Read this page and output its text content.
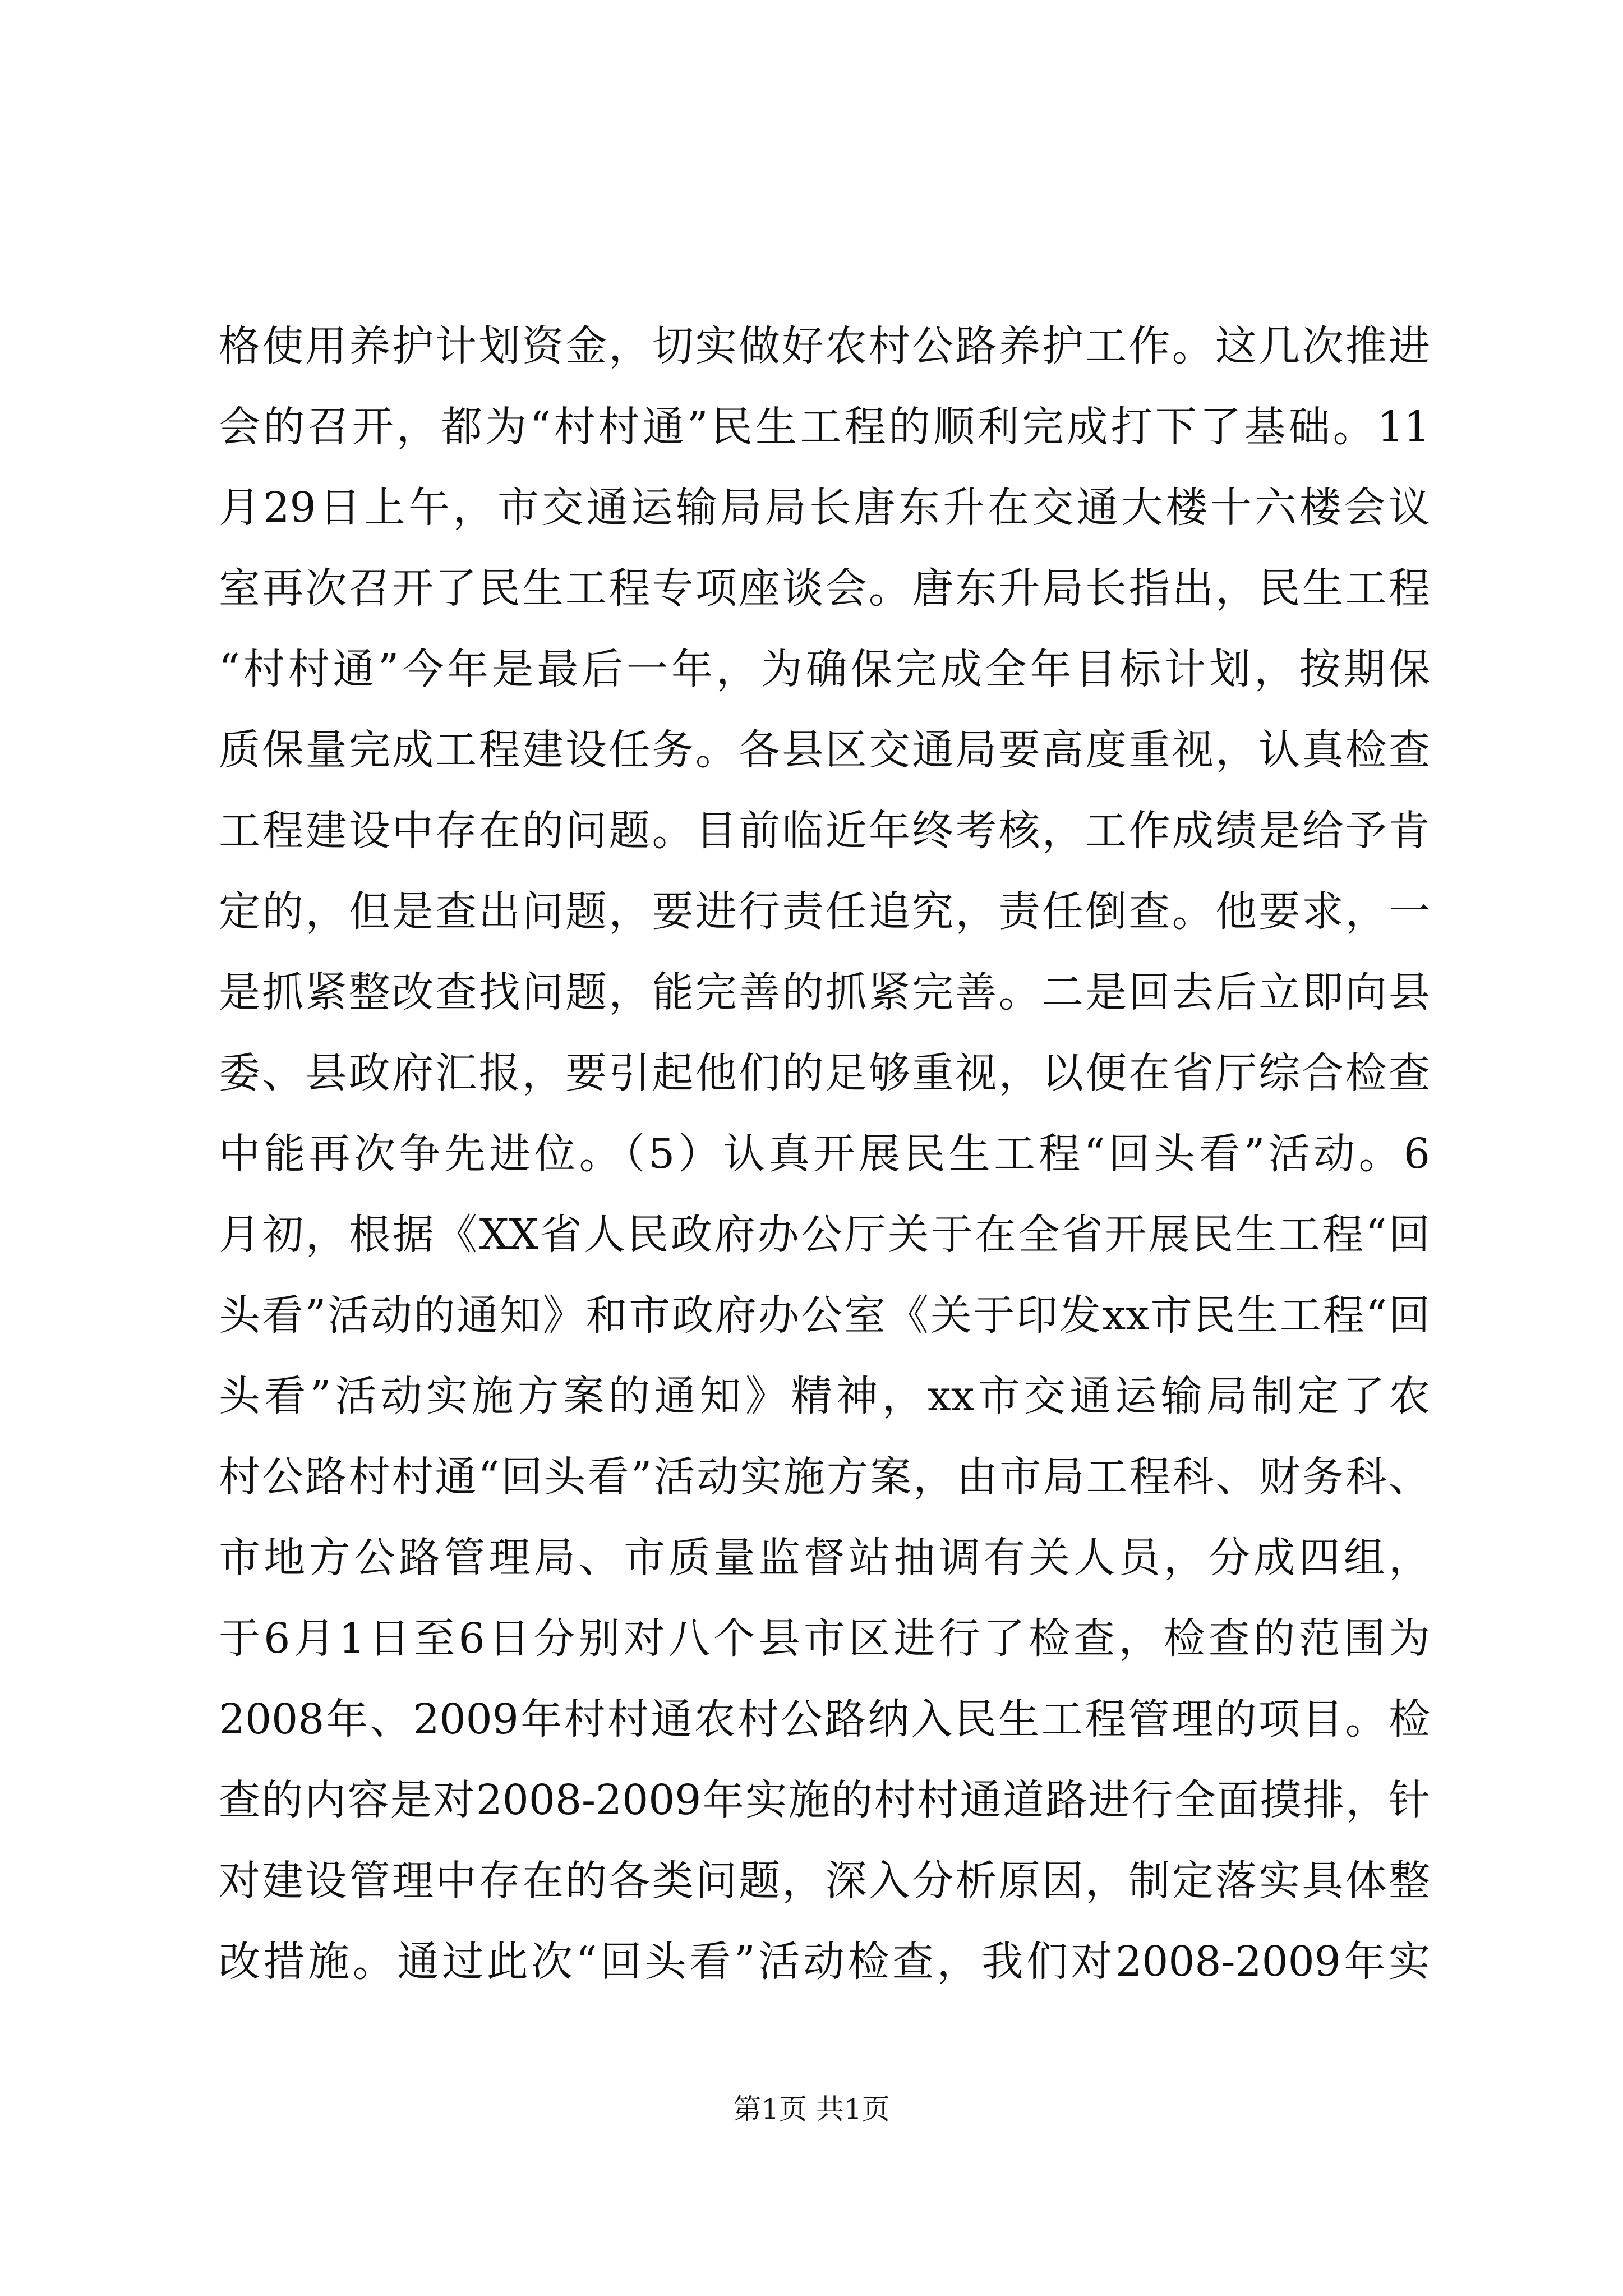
格使用养护计划资金，切实做好农村公路养护工作。这几次推进
会的召开，都为“村村通”民生工程的顺利完成打下了基础。11
月29日上午，市交通运输局局长唐东升在交通大楼十六楼会议
室再次召开了民生工程专项座谈会。唐东升局长指出，民生工程
“村村通”今年是最后一年，为确保完成全年目标计划，按期保
质保量完成工程建设任务。各县区交通局要高度重视，认真检查
工程建设中存在的问题。目前临近年终考核，工作成绩是给予肯
定的，但是查出问题，要进行责任追究，责任倒查。他要求，一
是抓紧整改查找问题，能完善的抓紧完善。二是回去后立即向县
委、县政府汇报，要引起他们的足够重视，以便在省厅综合检查
中能再次争先进位。（5）认真开展民生工程“回头看”活动。6
月初，根据《XX省人民政府办公厅关于在全省开展民生工程“回
头看”活动的通知》和市政府办公室《关于印发xx市民生工程“回
头看”活动实施方案的通知》精神，xx市交通运输局制定了农
村公路村村通“回头看”活动实施方案，由市局工程科、财务科、
市地方公路管理局、市质量监督站抽调有关人员，分成四组，
于6月1日至6日分别对八个县市区进行了检查，检查的范围为
2008年、2009年村村通农村公路纳入民生工程管理的项目。检
查的内容是对2008-2009年实施的村村通道路进行全面摸排，针
对建设管理中存在的各类问题，深入分析原因，制定落实具体整
改措施。通过此次“回头看”活动检查，我们对2008-2009年实
第1页 共1页
